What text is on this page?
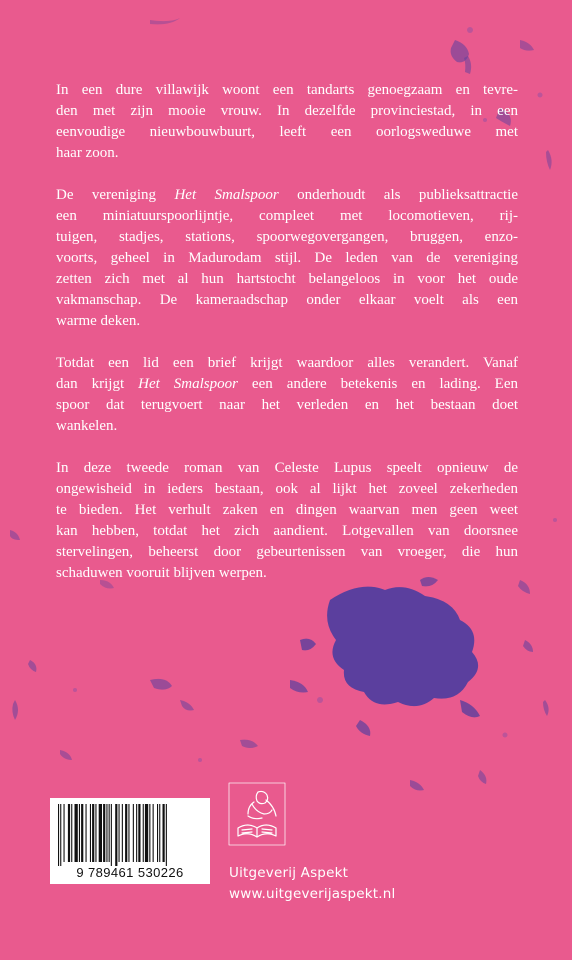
In een dure villawijk woont een tandarts genoegzaam en tevre-
den met zijn mooie vrouw. In dezelfde provinciestad, in een
eenvoudige nieuwbouwbuurt, leeft een oorlogsweduwe met
haar zoon.

De vereniging Het Smalspoor onderhoudt als publieksattractie
een miniatuurspoorlijntje, compleet met locomotieven, rij-
tuigen, stadjes, stations, spoorwegovergangen, bruggen, enzo-
voorts, geheel in Madurodam stijl. De leden van de vereniging
zetten zich met al hun hartstocht belangeloos in voor het oude
vakmanschap. De kameraadschap onder elkaar voelt als een
warme deken.

Totdat een lid een brief krijgt waardoor alles verandert. Vanaf
dan krijgt Het Smalspoor een andere betekenis en lading. Een
spoor dat terugvoert naar het verleden en het bestaan doet
wankelen.

In deze tweede roman van Celeste Lupus speelt opnieuw de
ongewisheid in ieders bestaan, ook al lijkt het zoveel zekerheden
te bieden. Het verhult zaken en dingen waarvan men geen weet
kan hebben, totdat het zich aandient. Lotgevallen van doorsnee
stervelingen, beheerst door gebeurtenissen van vroeger, die hun
schaduwen vooruit blijven werpen.

9 789461 530226	Uitgeverij Aspekt
www.uitgeverijaspekt.nl
